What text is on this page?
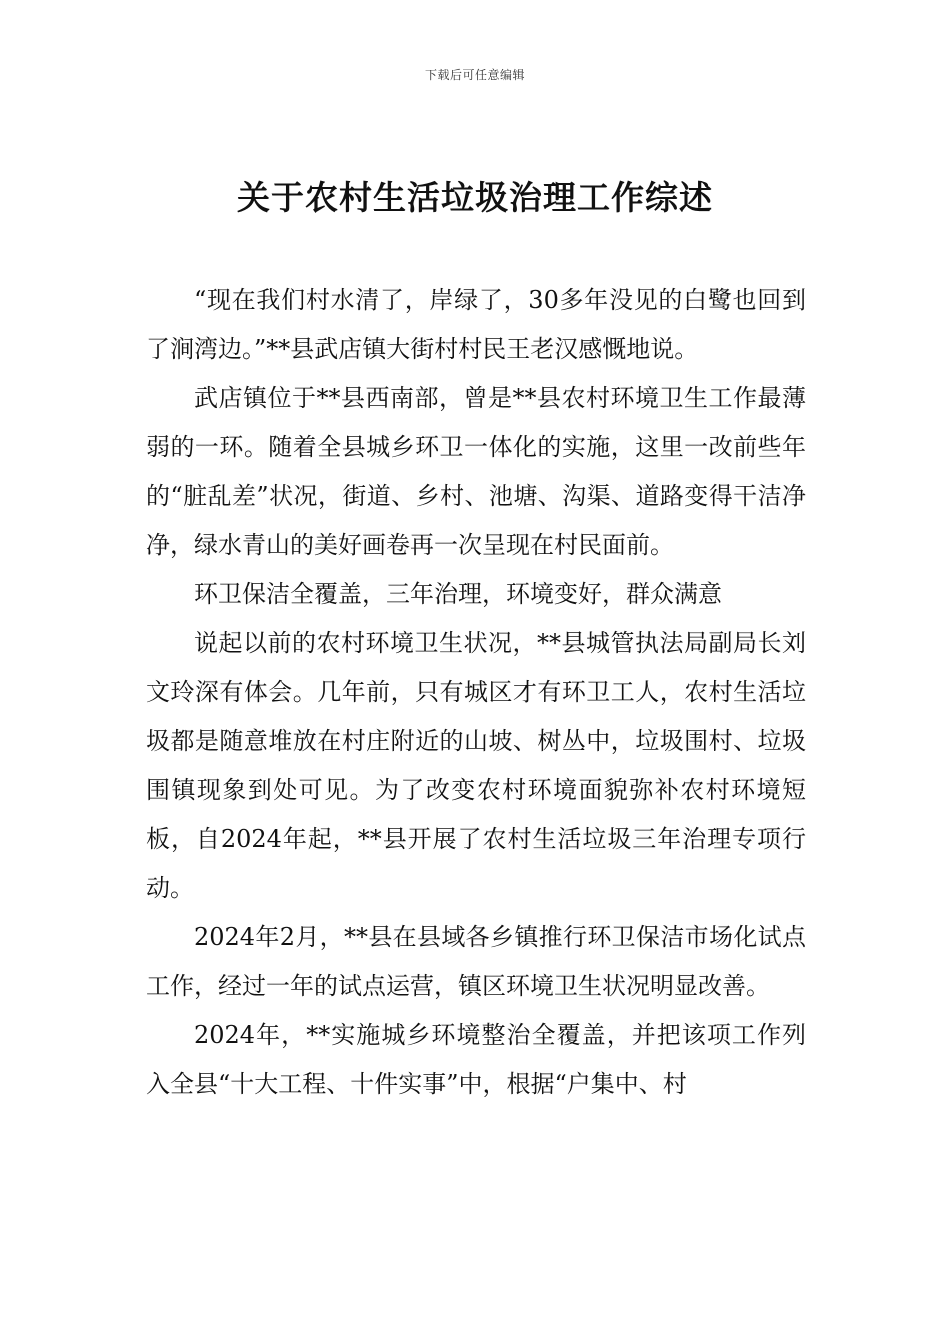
下载后可任意编辑
关于农村生活垃圾治理工作综述

“现在我们村水清了，岸绿了，30多年没见的白鹭也回到了涧湾边。”**县武店镇大街村村民王老汉感慨地说。

武店镇位于**县西南部，曾是**县农村环境卫生工作最薄弱的一环。随着全县城乡环卫一体化的实施，这里一改前些年的“脏乱差”状况，街道、乡村、池塘、沟渠、道路变得干洁净净，绿水青山的美好画卷再一次呈现在村民面前。

环卫保洁全覆盖，三年治理，环境变好，群众满意

说起以前的农村环境卫生状况，**县城管执法局副局长刘文玲深有体会。几年前，只有城区才有环卫工人，农村生活垃圾都是随意堆放在村庄附近的山坡、树丛中，垃圾围村、垃圾围镇现象到处可见。为了改变农村环境面貌弥补农村环境短板，自2024年起，**县开展了农村生活垃圾三年治理专项行动。

2024年2月，**县在县域各乡镇推行环卫保洁市场化试点工作，经过一年的试点运营，镇区环境卫生状况明显改善。

2024年，**实施城乡环境整治全覆盖，并把该项工作列入全县“十大工程、十件实事”中，根据“户集中、村
